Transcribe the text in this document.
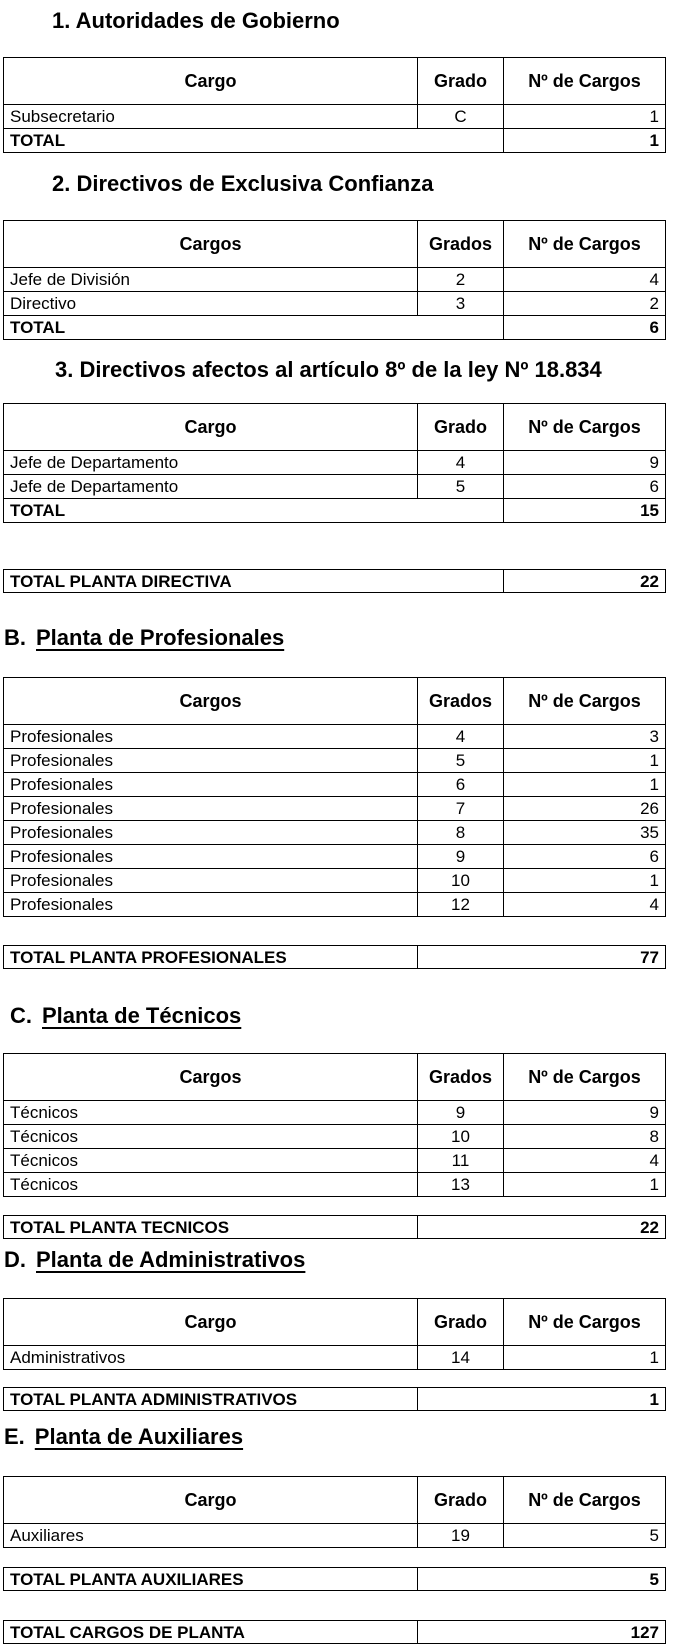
1. Autoridades de Gobierno
Cargo	Grado	Nº de Cargos
Subsecretario	C	1
TOTAL		1
2. Directivos de Exclusiva Confianza
Cargos	Grados	Nº de Cargos
Jefe de División	2	4
Directivo	3	2
TOTAL		6
3. Directivos afectos al artículo 8º de la ley Nº 18.834
Cargo	Grado	Nº de Cargos
Jefe de Departamento	4	9
Jefe de Departamento	5	6
TOTAL		15
TOTAL PLANTA DIRECTIVA	22
B. Planta de Profesionales
Cargos	Grados	Nº de Cargos
Profesionales	4	3
Profesionales	5	1
Profesionales	6	1
Profesionales	7	26
Profesionales	8	35
Profesionales	9	6
Profesionales	10	1
Profesionales	12	4
TOTAL PLANTA PROFESIONALES	77
C. Planta de Técnicos
Cargos	Grados	Nº de Cargos
Técnicos	9	9
Técnicos	10	8
Técnicos	11	4
Técnicos	13	1
TOTAL PLANTA TECNICOS	22
D. Planta de Administrativos
Cargo	Grado	Nº de Cargos
Administrativos	14	1
TOTAL PLANTA ADMINISTRATIVOS	1
E. Planta de Auxiliares
Cargo	Grado	Nº de Cargos
Auxiliares	19	5
TOTAL PLANTA AUXILIARES	5
TOTAL CARGOS DE PLANTA	127
